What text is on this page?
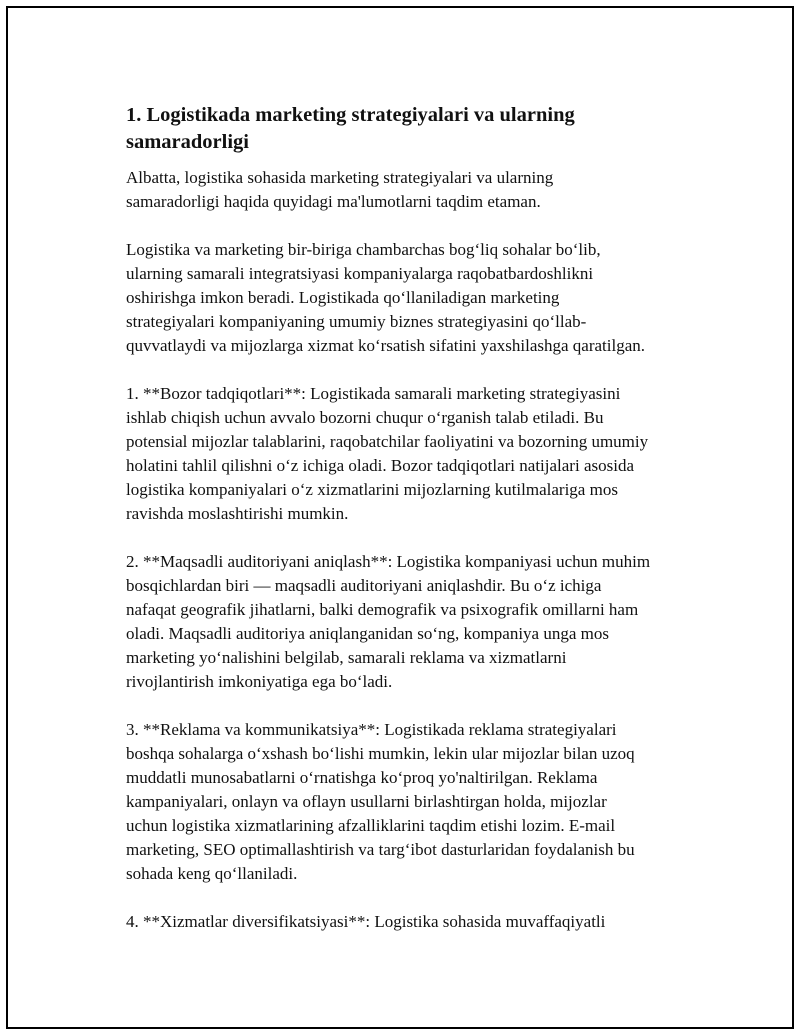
1. Logistikada marketing strategiyalari va ularning
samaradorligi

Albatta, logistika sohasida marketing strategiyalari va ularning
samaradorligi haqida quyidagi ma'lumotlarni taqdim etaman.

Logistika va marketing bir-biriga chambarchas bog‘liq sohalar bo‘lib,
ularning samarali integratsiyasi kompaniyalarga raqobatbardoshlikni
oshirishga imkon beradi. Logistikada qo‘llaniladigan marketing
strategiyalari kompaniyaning umumiy biznes strategiyasini qo‘llab-
quvvatlaydi va mijozlarga xizmat ko‘rsatish sifatini yaxshilashga qaratilgan.

1. **Bozor tadqiqotlari**: Logistikada samarali marketing strategiyasini
ishlab chiqish uchun avvalo bozorni chuqur o‘rganish talab etiladi. Bu
potensial mijozlar talablarini, raqobatchilar faoliyatini va bozorning umumiy
holatini tahlil qilishni o‘z ichiga oladi. Bozor tadqiqotlari natijalari asosida
logistika kompaniyalari o‘z xizmatlarini mijozlarning kutilmalariga mos
ravishda moslashtirishi mumkin.

2. **Maqsadli auditoriyani aniqlash**: Logistika kompaniyasi uchun muhim
bosqichlardan biri — maqsadli auditoriyani aniqlashdir. Bu o‘z ichiga
nafaqat geografik jihatlarni, balki demografik va psixografik omillarni ham
oladi. Maqsadli auditoriya aniqlanganidan so‘ng, kompaniya unga mos
marketing yo‘nalishini belgilab, samarali reklama va xizmatlarni
rivojlantirish imkoniyatiga ega bo‘ladi.

3. **Reklama va kommunikatsiya**: Logistikada reklama strategiyalari
boshqa sohalarga o‘xshash bo‘lishi mumkin, lekin ular mijozlar bilan uzoq
muddatli munosabatlarni o‘rnatishga ko‘proq yo'naltirilgan. Reklama
kampaniyalari, onlayn va oflayn usullarni birlashtirgan holda, mijozlar
uchun logistika xizmatlarining afzalliklarini taqdim etishi lozim. E-mail
marketing, SEO optimallashtirish va targ‘ibot dasturlaridan foydalanish bu
sohada keng qo‘llaniladi.

4. **Xizmatlar diversifikatsiyasi**: Logistika sohasida muvaffaqiyatli
